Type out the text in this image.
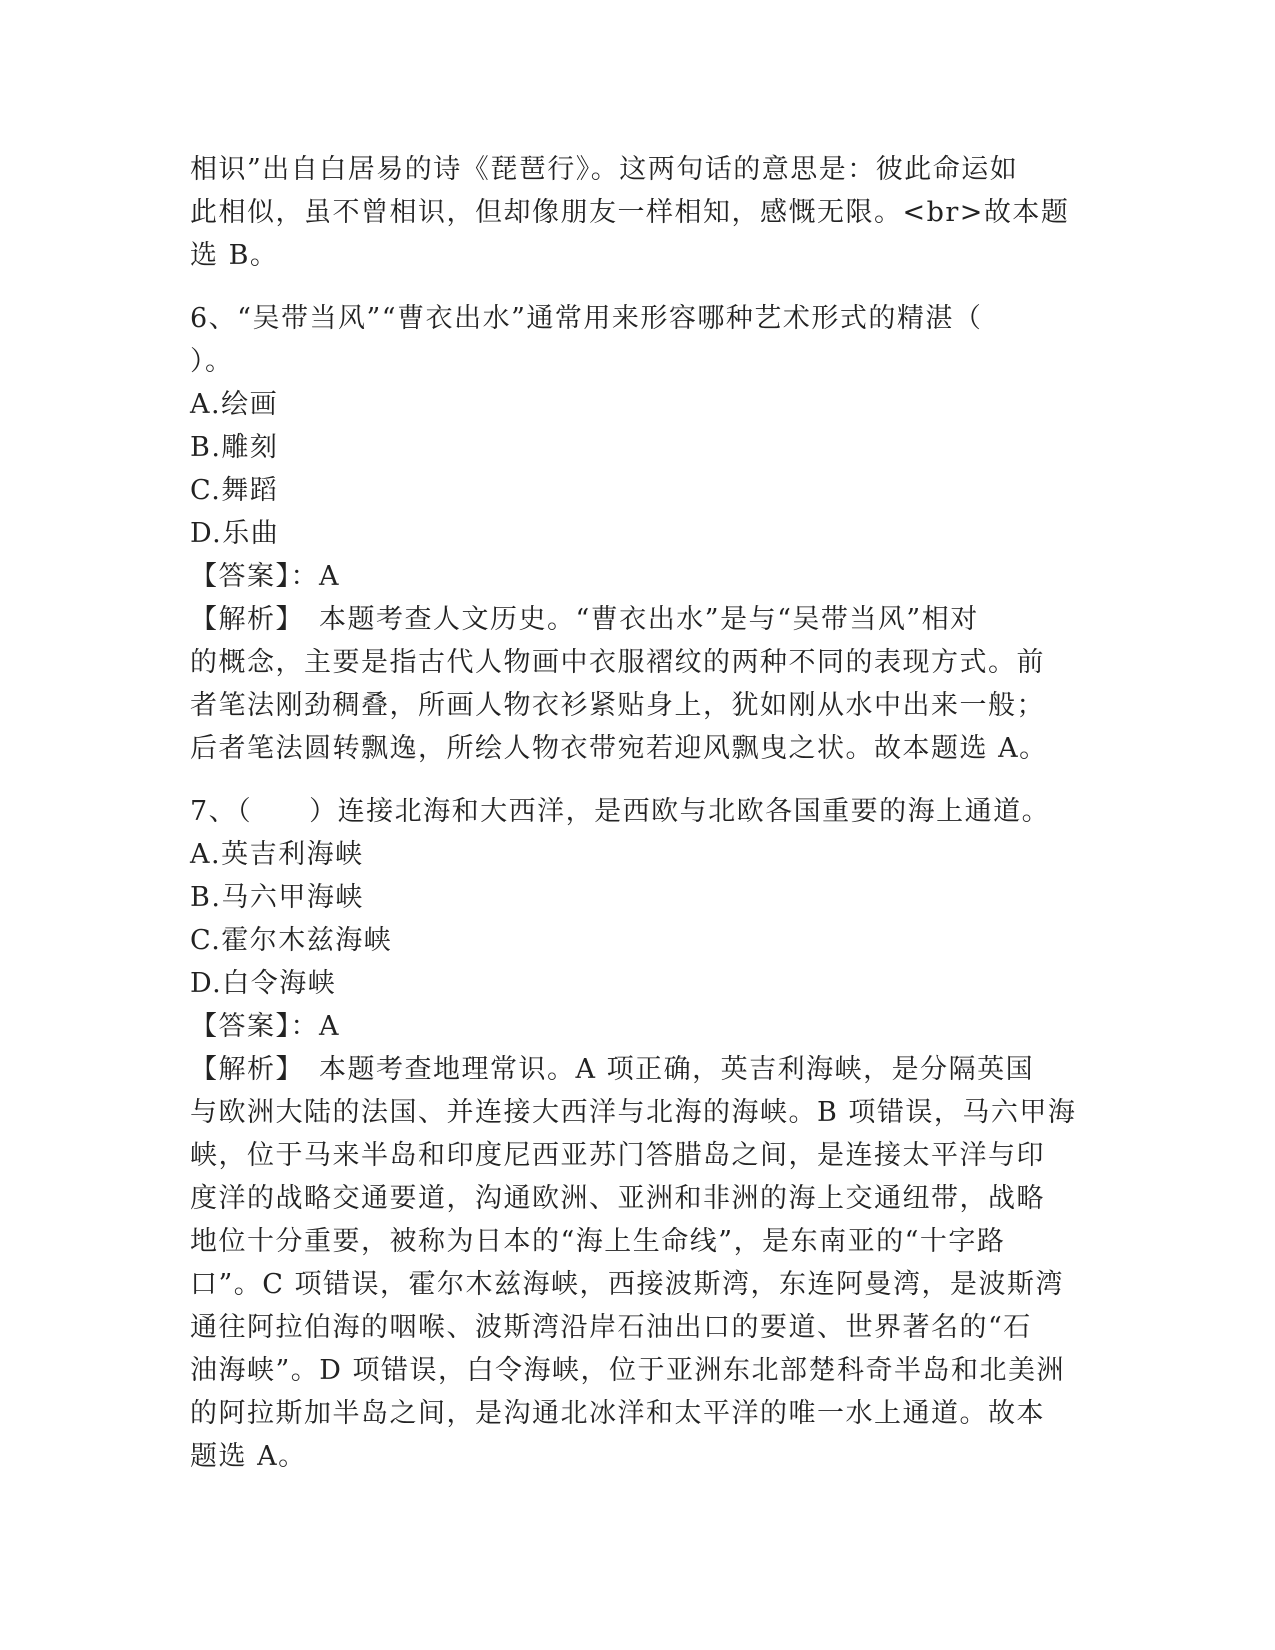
相识”出自白居易的诗《琵琶行》。这两句话的意思是：彼此命运如
此相似，虽不曾相识，但却像朋友一样相知，感慨无限。<br>故本题
选 B。
6、“吴带当风”“曹衣出水”通常用来形容哪种艺术形式的精湛（
）。
A.绘画
B.雕刻
C.舞蹈
D.乐曲
【答案】：A
【解析】　本题考查人文历史。“曹衣出水”是与“吴带当风”相对
的概念，主要是指古代人物画中衣服褶纹的两种不同的表现方式。前
者笔法刚劲稠叠，所画人物衣衫紧贴身上，犹如刚从水中出来一般；
后者笔法圆转飘逸，所绘人物衣带宛若迎风飘曳之状。故本题选 A。
7、（　　）连接北海和大西洋，是西欧与北欧各国重要的海上通道。
A.英吉利海峡
B.马六甲海峡
C.霍尔木兹海峡
D.白令海峡
【答案】：A
【解析】　本题考查地理常识。A 项正确，英吉利海峡，是分隔英国
与欧洲大陆的法国、并连接大西洋与北海的海峡。B 项错误，马六甲海
峡，位于马来半岛和印度尼西亚苏门答腊岛之间，是连接太平洋与印
度洋的战略交通要道，沟通欧洲、亚洲和非洲的海上交通纽带，战略
地位十分重要，被称为日本的“海上生命线”，是东南亚的“十字路
口”。C 项错误，霍尔木兹海峡，西接波斯湾，东连阿曼湾，是波斯湾
通往阿拉伯海的咽喉、波斯湾沿岸石油出口的要道、世界著名的“石
油海峡”。D 项错误，白令海峡，位于亚洲东北部楚科奇半岛和北美洲
的阿拉斯加半岛之间，是沟通北冰洋和太平洋的唯一水上通道。故本
题选 A。
